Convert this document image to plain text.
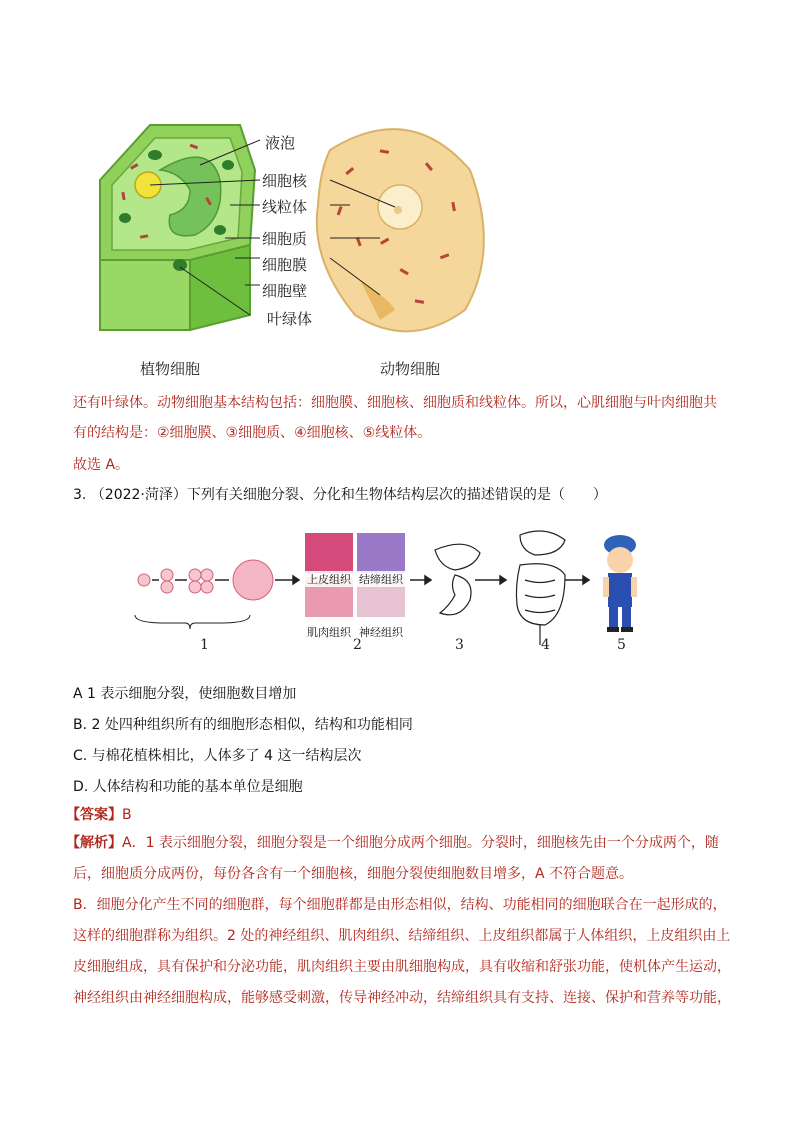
液泡
细胞核
线粒体
细胞质
细胞膜
细胞壁
叶绿体
植物细胞	动物细胞
还有叶绿体。动物细胞基本结构包括：细胞膜、细胞核、细胞质和线粒体。所以，心肌细胞与叶肉细胞共
有的结构是：②细胞膜、③细胞质、④细胞核、⑤线粒体。
故选 A。
3. （2022·菏泽）下列有关细胞分裂、分化和生物体结构层次的描述错误的是（　　）
上皮组织 结缔组织
肌肉组织 神经组织
1	2	3	4	5
A 1 表示细胞分裂，使细胞数目增加
B. 2 处四种组织所有的细胞形态相似，结构和功能相同
C. 与棉花植株相比，人体多了 4 这一结构层次
D. 人体结构和功能的基本单位是细胞
【答案】B
【解析】A．1 表示细胞分裂，细胞分裂是一个细胞分成两个细胞。分裂时，细胞核先由一个分成两个，随
后，细胞质分成两份，每份各含有一个细胞核，细胞分裂使细胞数目增多，A 不符合题意。
B．细胞分化产生不同的细胞群，每个细胞群都是由形态相似，结构、功能相同的细胞联合在一起形成的，
这样的细胞群称为组织。2 处的神经组织、肌肉组织、结缔组织、上皮组织都属于人体组织，上皮组织由上
皮细胞组成，具有保护和分泌功能，肌肉组织主要由肌细胞构成，具有收缩和舒张功能，使机体产生运动，
神经组织由神经细胞构成，能够感受刺激，传导神经冲动，结缔组织具有支持、连接、保护和营养等功能，
